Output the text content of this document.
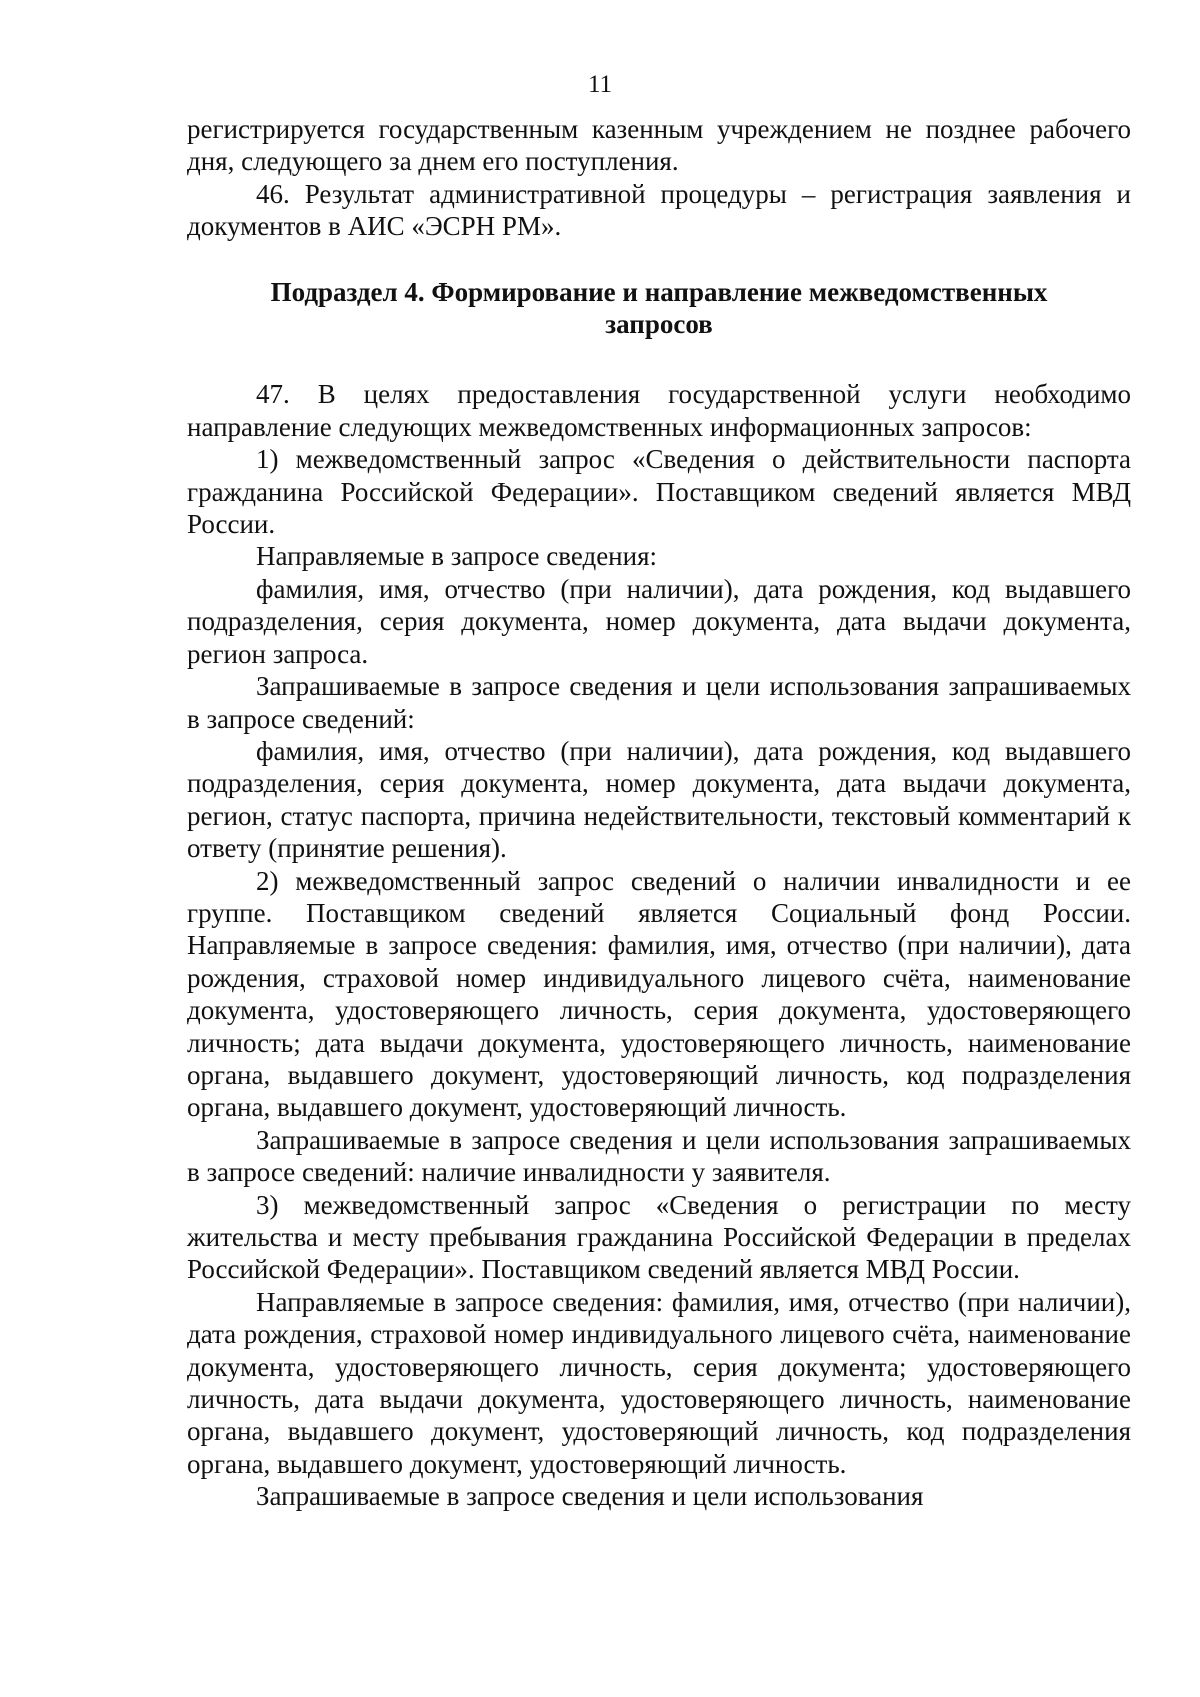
11

регистрируется государственным казенным учреждением не позднее рабочего дня, следующего за днем его поступления.

46. Результат административной процедуры – регистрация заявления и документов в АИС «ЭСРН РМ».

Подраздел 4. Формирование и направление межведомственных
запросов

47. В целях предоставления государственной услуги необходимо направление следующих межведомственных информационных запросов:

1) межведомственный запрос «Сведения о действительности паспорта гражданина Российской Федерации». Поставщиком сведений является МВД России.

Направляемые в запросе сведения:

фамилия, имя, отчество (при наличии), дата рождения, код выдавшего подразделения, серия документа, номер документа, дата выдачи документа, регион запроса.

Запрашиваемые в запросе сведения и цели использования запрашиваемых в запросе сведений:

фамилия, имя, отчество (при наличии), дата рождения, код выдавшего подразделения, серия документа, номер документа, дата выдачи документа, регион, статус паспорта, причина недействительности, текстовый комментарий к ответу (принятие решения).

2) межведомственный запрос сведений о наличии инвалидности и ее группе. Поставщиком сведений является Социальный фонд России. Направляемые в запросе сведения: фамилия, имя, отчество (при наличии), дата рождения, страховой номер индивидуального лицевого счёта, наименование документа, удостоверяющего личность, серия документа, удостоверяющего личность; дата выдачи документа, удостоверяющего личность, наименование органа, выдавшего документ, удостоверяющий личность, код подразделения органа, выдавшего документ, удостоверяющий личность.

Запрашиваемые в запросе сведения и цели использования запрашиваемых в запросе сведений: наличие инвалидности у заявителя.

3) межведомственный запрос «Сведения о регистрации по месту жительства и месту пребывания гражданина Российской Федерации в пределах Российской Федерации». Поставщиком сведений является МВД России.

Направляемые в запросе сведения: фамилия, имя, отчество (при наличии), дата рождения, страховой номер индивидуального лицевого счёта, наименование документа, удостоверяющего личность, серия документа; удостоверяющего личность, дата выдачи документа, удостоверяющего личность, наименование органа, выдавшего документ, удостоверяющий личность, код подразделения органа, выдавшего документ, удостоверяющий личность.

Запрашиваемые в запросе сведения и цели использования
